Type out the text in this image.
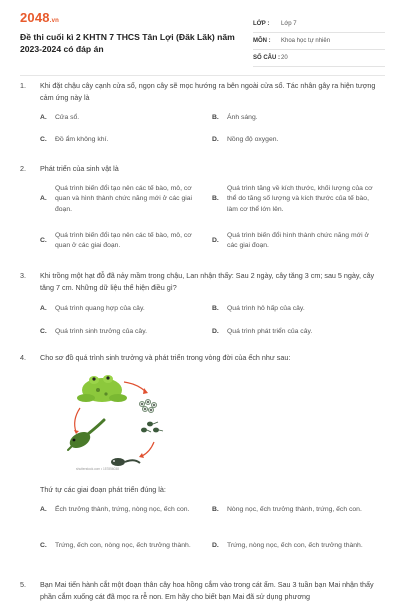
2048.vn
Đề thi cuối kì 2 KHTN 7 THCS Tân Lợi (Đăk Lăk) năm 2023-2024 có đáp án
LỚP :	Lớp 7
MÔN :	Khoa học tự nhiên
SỐ CÂU : 20
1.	Khi đặt chậu cây cạnh cửa sổ, ngọn cây sẽ mọc hướng ra bên ngoài cửa sổ. Tác nhân gây ra hiện tượng cảm ứng này là
A.	Cửa sổ.	B.	Ánh sáng.
C.	Đồ ẩm không khí.	D.	Nồng độ oxygen.
2.	Phát triển của sinh vật là
A.
Quá trình biến đổi tạo nên các tế bào, mô, cơ quan và hình thành chức năng mới ở các giai đoạn.
B.
Quá trình tăng về kích thước, khối lượng của cơ thể do tăng số lượng và kích thước của tế bào, làm cơ thể lớn lên.
C.
Quá trình biến đổi tạo nên các tế bào, mô, cơ quan ở các giai đoạn.
D.
Quá trình biến đổi hình thành chức năng mới ở các giai đoạn.
3.	Khi trồng một hạt đỗ đã nảy mầm trong chậu, Lan nhận thấy: Sau 2 ngày, cây tăng 3 cm; sau 5 ngày, cây tăng 7 cm. Những dữ liệu thể hiện điều gì?
A.	Quá trình quang hợp của cây.	B.	Quá trình hô hấp của cây.
C.	Quá trình sinh trưởng của cây.	D.	Quá trình phát triển của cây.
4.	Cho sơ đồ quá trình sinh trưởng và phát triển trong vòng đời của ếch như sau:
shutterstock.com • 157856038
Thứ tự các giai đoạn phát triển đúng là:
A.	Ếch trưởng thành, trứng, nòng nọc, ếch con.	B.	Nòng nọc, ếch trưởng thành, trứng, ếch con.
C.	Trứng, ếch con, nòng nọc, ếch trưởng thành.	D.	Trứng, nòng nọc, ếch con, ếch trưởng thành.
5.	Bạn Mai tiến hành cắt một đoạn thân cây hoa hồng cắm vào trong cát ẩm. Sau 3 tuần bạn Mai nhận thấy phần cắm xuống cát đã mọc ra rễ non. Em hãy cho biết bạn Mai đã sử dụng phương
